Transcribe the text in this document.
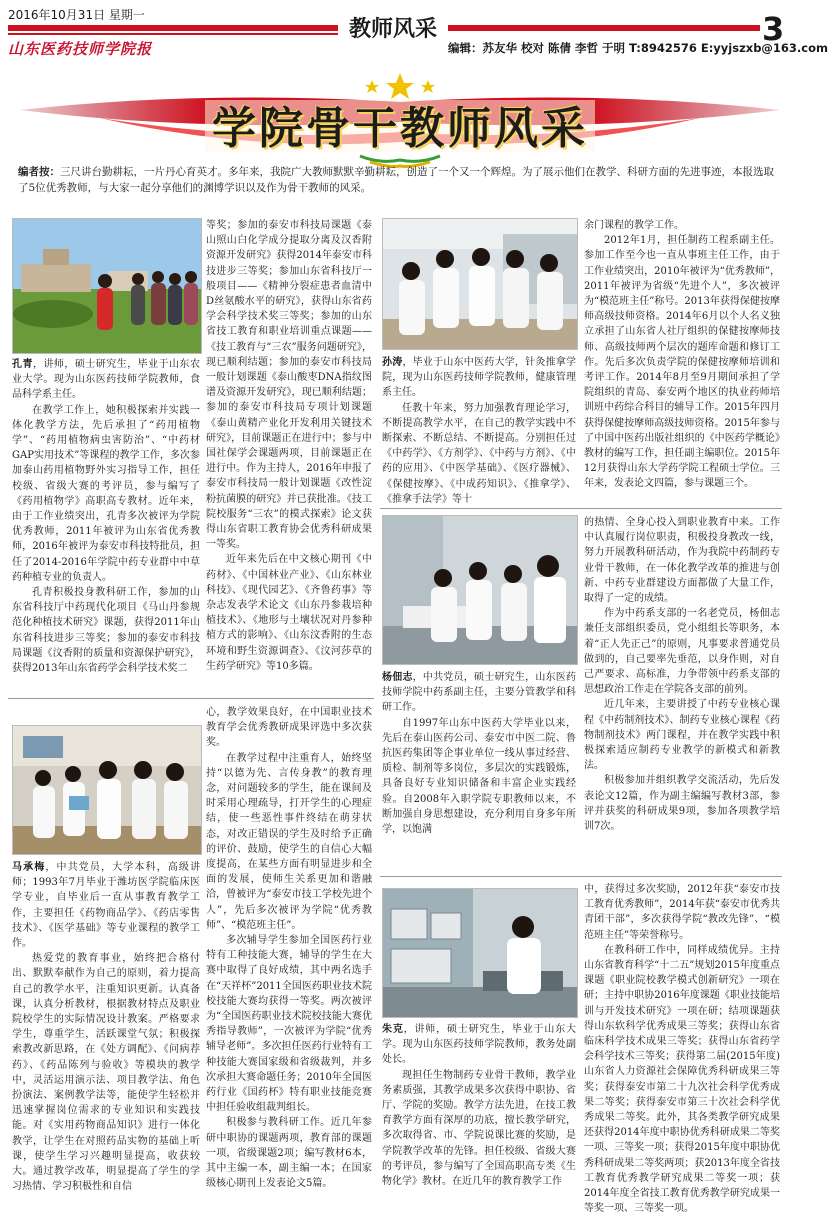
2016年10月31日 星期一
教师风采	3
山东医药技师学院报	编辑：苏友华 校对 陈倩 李哲 于明 T:8942576 E:yyjszxb@163.com
学院骨干教师风采
编者按：三尺讲台勤耕耘，一片丹心育英才。多年来，我院广大教师默默辛勤耕耘，创造了一个又一个辉煌。为了展示他们在教学、科研方面的先进事迹，本报选取了5位优秀教师，与大家一起分享他们的渊博学识以及作为骨干教师的风采。

孔青，讲师，硕士研究生，毕业于山东农业大学。现为山东医药技师学院教师，食品科学系主任。

在教学工作上，她积极探索并实践一体化教学方法，先后承担了“药用植物学”、“药用植物病虫害防治”、“中药材GAP实用技术”等课程的教学工作，多次参加泰山药用植物野外实习指导工作，担任校级、省级大赛的考评员，参与编写了《药用植物学》高职高专教材。近年来，由于工作业绩突出，孔青多次被评为学院优秀教师，2011年被评为山东省优秀教师，2016年被评为泰安市科技特批员，担任了2014-2016年学院中药专业群中中草药种植专业的负责人。

孔青积极投身教科研工作，参加的山东省科技厅中药现代化项目《马山丹参规范化种植技术研究》课题，获得2011年山东省科技进步三等奖；参加的泰安市科技局课题《汶香附的质量和资源保护研究》，获得2013年山东省药学会科学技术奖二

等奖；参加的泰安市科技局课题《泰山照山白化学成分提取分离及汉香附资源开发研究》获得2014年泰安市科技进步三等奖；参加山东省科技厅一般项目——《精神分裂症患者血清中D丝氨酸水平的研究》，获得山东省药学会科学技术奖三等奖；参加的山东省技工教育和职业培训重点课题——《技工教育与“三农”服务问题研究》，现已顺利结题；参加的泰安市科技局一般计划课题《泰山酸枣DNA指纹图谱及资源开发研究》，现已顺利结题；参加的泰安市科技局专项计划课题《泰山黄精产业化开发利用关键技术研究》，目前课题正在进行中；参与中国社保学会课题两项，目前课题正在进行中。作为主持人，2016年申报了泰安市科技局一般计划课题《改性淀粉抗菌膜的研究》并已获批准。《技工院校服务“三农”的模式探索》论文获得山东省职工教育协会优秀科研成果一等奖。

近年来先后在中文核心期刊《中药材》、《中国林业产业》、《山东林业科技》、《现代园艺》、《齐鲁药事》等杂志发表学术论文《山东丹参栽培种植技术》、《地形与土壤状况对丹参种植方式的影响》、《山东汶香附的生态环境和野生资源调查》、《汶河莎草的生药学研究》等10多篇。

孙涛，毕业于山东中医药大学，针灸推拿学院，现为山东医药技师学院教师，健康管理系主任。

任教十年来，努力加强教育理论学习，不断提高教学水平，在自己的教学实践中不断探索、不断总结、不断提高。分别担任过《中药学》、《方剂学》、《中药与方剂》、《中药的应用》、《中医学基础》、《医疗器械》、《保健按摩》、《中成药知识》、《推拿学》、《推拿手法学》等十

余门课程的教学工作。

2012年1月，担任制药工程系副主任。参加工作至今也一直从事班主任工作，由于工作业绩突出，2010年被评为“优秀教师”，2011年被评为省级“先进个人”，多次被评为“模范班主任”称号。2013年获得保健按摩师高级技师资格。2014年6月以个人名义独立承担了山东省人社厅组织的保健按摩师技师、高级技师两个层次的题库命题和修订工作。先后多次负责学院的保健按摩师培训和考评工作。2014年8月至9月期间承担了学院组织的青岛、泰安两个地区的执业药师培训班中药综合科目的辅导工作。2015年四月获得保健按摩师高级技师资格。2015年参与了中国中医药出版社组织的《中医药学概论》教材的编写工作，担任副主编职位。2015年12月获得山东大学药学院工程硕士学位。三年来，发表论文四篇，参与课题三个。

杨佃志，中共党员，硕士研究生，山东医药技师学院中药系副主任，主要分管教学和科研工作。

自1997年山东中医药大学毕业以来，先后在泰山医药公司、泰安市中医二院、鲁抗医药集团等企事业单位一线从事过经营、质检、制剂等多岗位，多层次的实践锻炼，具备良好专业知识储备和丰富企业实践经验。自2008年入职学院专职教师以来，不断加强自身思想建设，充分利用自身多年所学，以饱满

的热情、全身心投入到职业教育中来。工作中认真履行岗位职责，积极投身教改一线，努力开展教科研活动，作为我院中药制药专业骨干教师，在一体化教学改革的推进与创新、中药专业群建设方面都做了大量工作，取得了一定的成绩。

作为中药系支部的一名老党员，杨佃志兼任支部组织委员，党小组组长等职务，本着“正人先正己”的原则，凡事要求普通党员做到的，自己要率先垂范，以身作则，对自己严要求、高标准，力争带领中药系支部的思想政治工作走在学院各支部的前列。

近几年来，主要讲授了中药专业核心课程《中药制剂技术》、制药专业核心课程《药物制剂技术》两门课程，并在教学实践中积极探索适应制药专业教学的新模式和新教法。

积极参加并组织教学交流活动，先后发表论文12篇，作为副主编编写教材3部，参评并获奖的科研成果9项，参加各项教学培训7次。

马承梅，中共党员，大学本科，高级讲师；1993年7月毕业于潍坊医学院临床医学专业，自毕业后一直从事教育教学工作，主要担任《药物商品学》、《药店零售技术》、《医学基础》等专业课程的教学工作。

热爱党的教育事业，始终把合格付出、默默奉献作为自己的原则，着力提高自己的教学水平，注重知识更新。认真备课，认真分析教材，根据教材特点及职业院校学生的实际情况设计教案。严格要求学生，尊重学生，活跃课堂气氛；积极探索教改新思路，在《处方调配》、《问病荐药》、《药品陈列与验收》等模块的教学中，灵活运用演示法、项目教学法、角色扮演法、案例教学法等，能使学生轻松并迅速掌握岗位需求的专业知识和实践技能。对《实用药物商品知识》进行一体化教学，让学生在对照药品实物的基础上听课，使学生学习兴趣明显提高，收获较大。通过教学改革，明显提高了学生的学习热情、学习积极性和自信

心，教学效果良好，在中国职业技术教育学会优秀教研成果评选中多次获奖。

在教学过程中注重育人，始终坚持“以德为先、言传身教”的教育理念，对问题较多的学生，能在课间及时采用心理疏导，打开学生的心理症结，使一些恶性事件终结在萌芽状态，对改正错误的学生及时给予正确的评价、鼓励，使学生的自信心大幅度提高，在某些方面有明显进步和全面的发展，使师生关系更加和谐融洽，曾被评为“泰安市技工学校先进个人”，先后多次被评为学院“优秀教师”、“模范班主任”。

多次辅导学生参加全国医药行业特有工种技能大赛，辅导的学生在大赛中取得了良好成绩，其中两名选手在“天祥杯”2011全国医药职业技术院校技能大赛均获得一等奖。两次被评为“全国医药职业技术院校技能大赛优秀指导教师”，一次被评为学院“优秀辅导老师”。多次担任医药行业特有工种技能大赛国家级和省级裁判，并多次承担大赛命题任务；2010年全国医药行业《国药杯》特有职业技能竞赛中担任验收组裁判组长。

积极参与教科研工作。近几年参研中职协的课题两项，教育部的课题一项，省级课题2项；编写教材6本，其中主编一本，副主编一本；在国家级核心期刊上发表论文5篇。

朱克，讲师，硕士研究生，毕业于山东大学。现为山东医药技师学院教师，教务处副处长。

现担任生物制药专业骨干教师，教学业务素质强，其教学成果多次获得中职协、省厅、学院的奖励。教学方法先进，在技工教育教学方面有深厚的功底，擅长教学研究，多次取得省、市、学院说课比赛的奖励，是学院教学改革的先锋。担任校级、省级大赛的考评员，参与编写了全国高职高专类《生物化学》教材。在近几年的教育教学工作

中，获得过多次奖励，2012年获“泰安市技工教育优秀教师”，2014年获“泰安市优秀共青团干部”，多次获得学院“教改先锋”、“模范班主任”等荣誉称号。

在教科研工作中，同样成绩优异。主持山东省教育科学“十二五”规划2015年度重点课题《职业院校教学模式创新研究》一项在研；主持中职协2016年度课题《职业技能培训与开发技术研究》一项在研；结项课题获得山东软科学优秀成果三等奖；获得山东省临床科学技术成果三等奖；获得山东省药学会科学技术三等奖；获得第二届(2015年度)山东省人力资源社会保障优秀科研成果三等奖；获得泰安市第二十九次社会科学优秀成果二等奖；获得泰安市第三十次社会科学优秀成果二等奖。此外，其各类教学研究成果还获得2014年度中职协优秀科研成果二等奖一项、三等奖一项；获得2015年度中职协优秀科研成果二等奖两项；获2013年度全省技工教育优秀教学研究成果二等奖一项；获2014年度全省技工教育优秀教学研究成果一等奖一项、三等奖一项。
